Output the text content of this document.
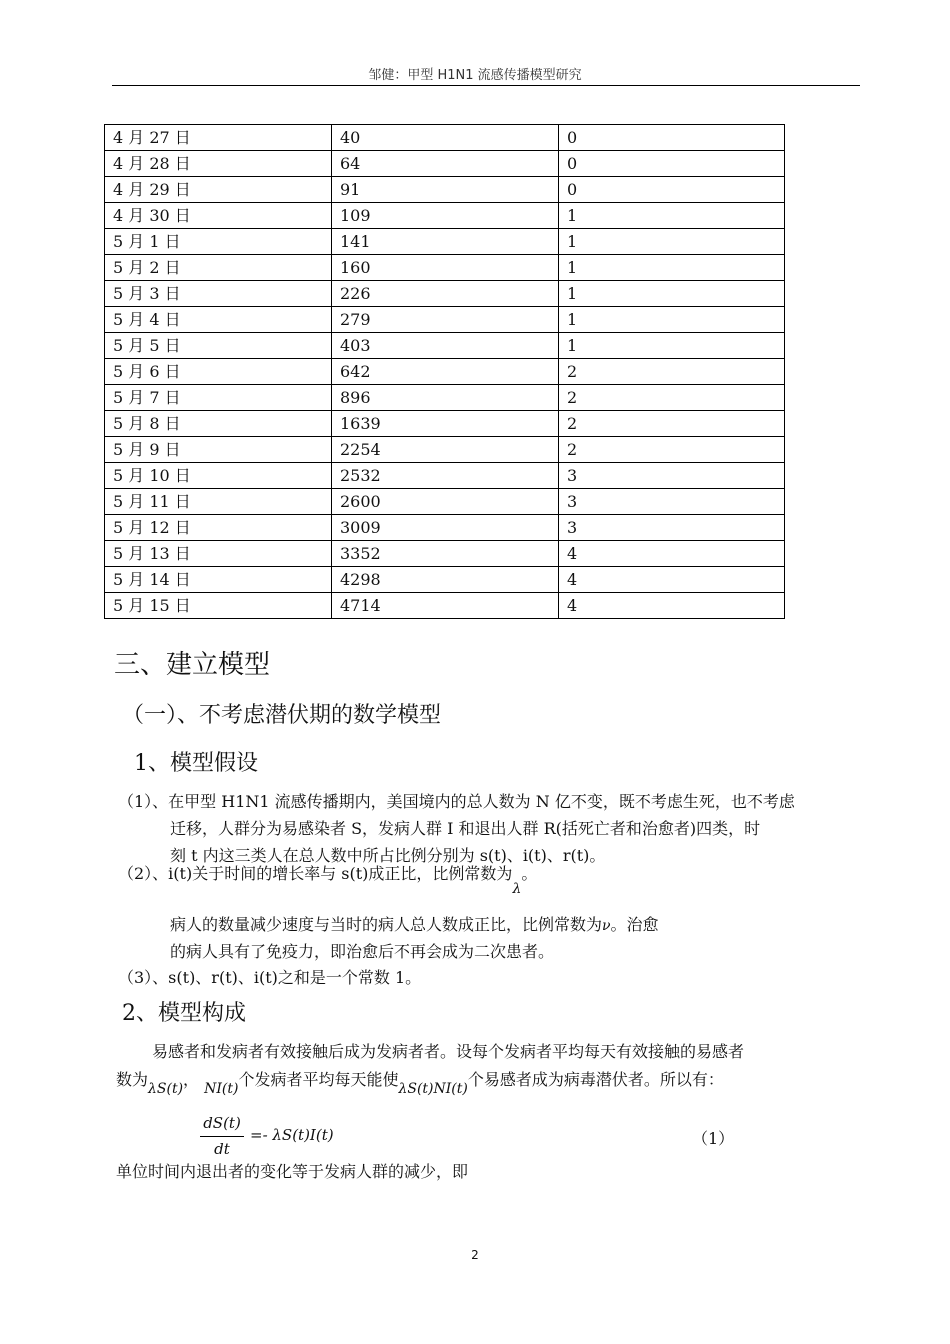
邹健：甲型 H1N1 流感传播模型研究
4 月 27 日	40	0
4 月 28 日	64	0
4 月 29 日	91	0
4 月 30 日	109	1
5 月 1 日	141	1
5 月 2 日	160	1
5 月 3 日	226	1
5 月 4 日	279	1
5 月 5 日	403	1
5 月 6 日	642	2
5 月 7 日	896	2
5 月 8 日	1639	2
5 月 9 日	2254	2
5 月 10 日	2532	3
5 月 11 日	2600	3
5 月 12 日	3009	3
5 月 13 日	3352	4
5 月 14 日	4298	4
5 月 15 日	4714	4
三、建立模型
（一）、不考虑潜伏期的数学模型
1、模型假设
（1）、在甲型 H1N1 流感传播期内，美国境内的总人数为 N 亿不变，既不考虑生死，也不考虑
迁移，人群分为易感染者 S，发病人群 I 和退出人群 R(括死亡者和治愈者)四类，时
刻 t 内这三类人在总人数中所占比例分别为 s(t)、i(t)、r(t)。
（2）、i(t)关于时间的增长率与 s(t)成正比，比例常数为λ。
病人的数量减少速度与当时的病人总人数成正比，比例常数为ν。治愈
的病人具有了免疫力，即治愈后不再会成为二次患者。
（3）、s(t)、r(t)、i(t)之和是一个常数 1。
2、模型构成
易感者和发病者有效接触后成为发病者者。设每个发病者平均每天有效接触的易感者
数为λS(t)， NI(t)个发病者平均每天能使λS(t)NI(t)个易感者成为病毒潜伏者。所以有：
dS(t)
dt
=- λS(t)I(t)	（1）
单位时间内退出者的变化等于发病人群的减少，即
2
